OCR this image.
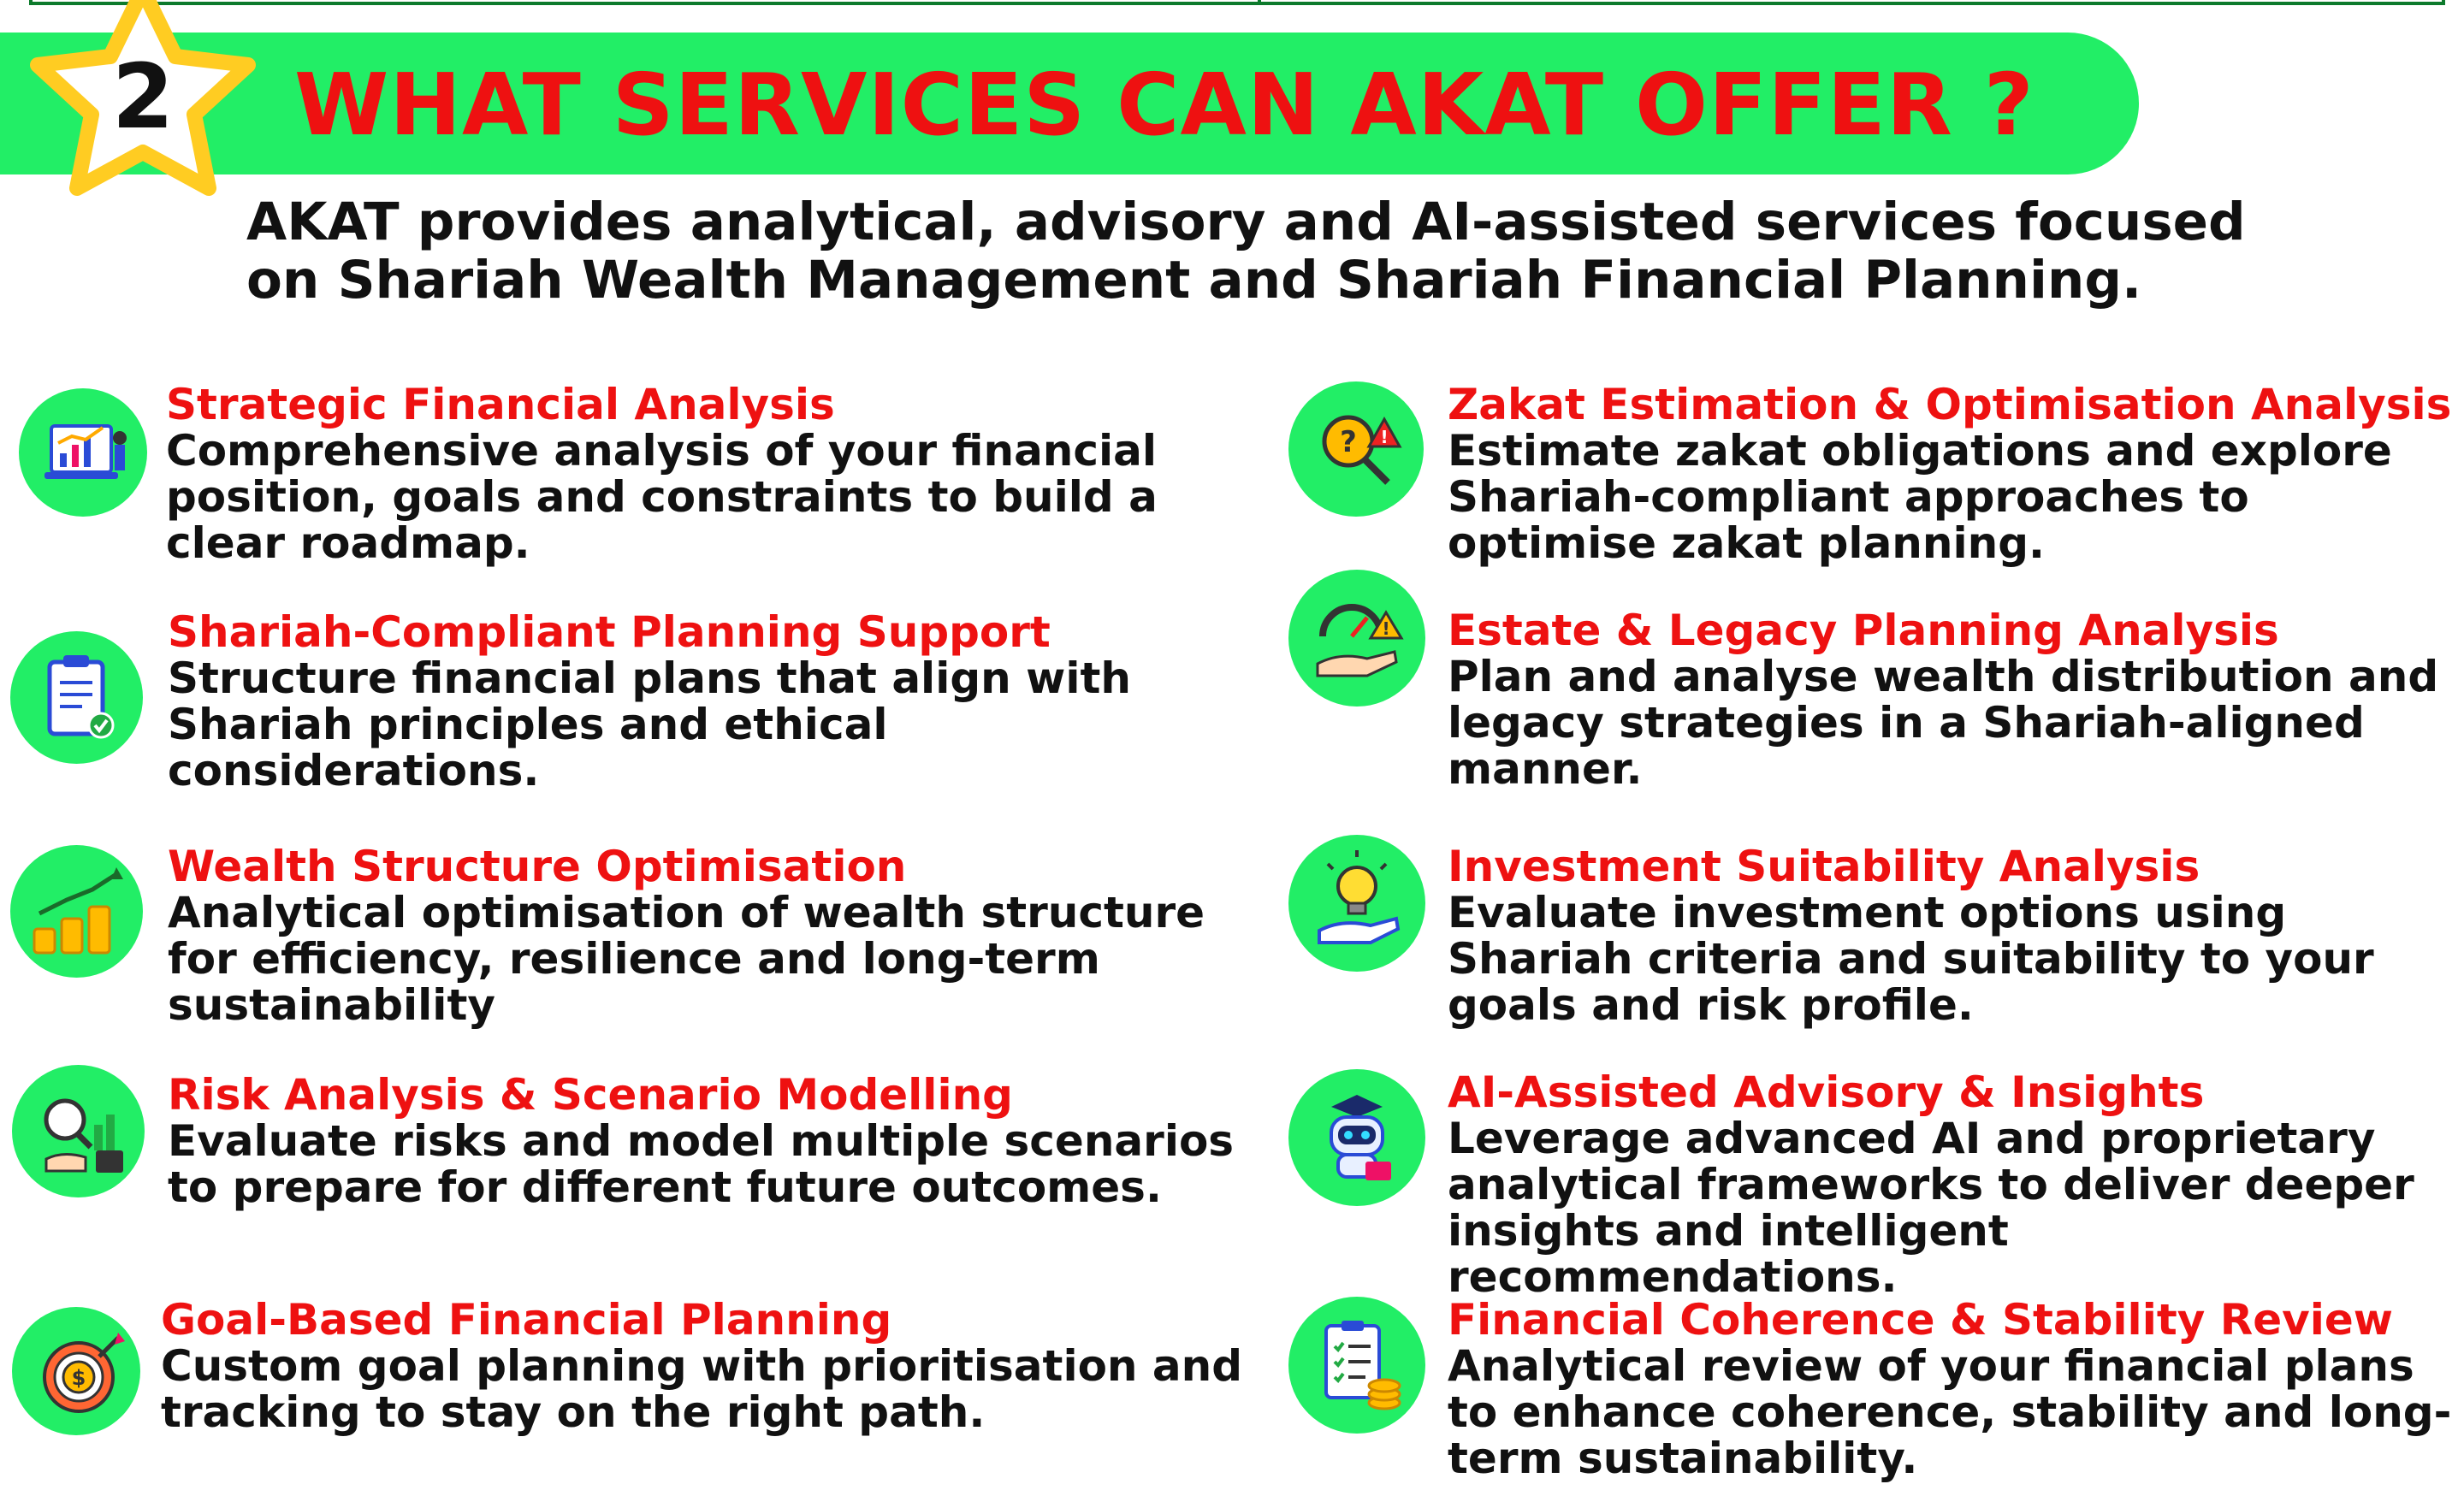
2	WHAT SERVICES CAN AKAT OFFER ?

AKAT provides analytical, advisory and AI-assisted services focused on Shariah Wealth Management and Shariah Financial Planning.

Strategic Financial Analysis

Comprehensive analysis of your financial position, goals and constraints to build a clear roadmap.

Shariah-Compliant Planning Support

Structure financial plans that align with Shariah principles and ethical considerations.

Wealth Structure Optimisation

Analytical optimisation of wealth structure for efficiency, resilience and long-term sustainability

Risk Analysis & Scenario Modelling

Evaluate risks and model multiple scenarios to prepare for different future outcomes.

$
Goal-Based Financial Planning

Custom goal planning with prioritisation and tracking to stay on the right path.

? !
Zakat Estimation & Optimisation Analysis

Estimate zakat obligations and explore Shariah-compliant approaches to optimise zakat planning.

! Estate & Legacy Planning Analysis

Plan and analyse wealth distribution and legacy strategies in a Shariah-aligned manner.

Investment Suitability Analysis

Evaluate investment options using Shariah criteria and suitability to your goals and risk profile.

AI-Assisted Advisory & Insights

Leverage advanced AI and proprietary analytical frameworks to deliver deeper insights and intelligent recommendations.

Financial Coherence & Stability Review

Analytical review of your financial plans to enhance coherence, stability and long-term sustainability.
